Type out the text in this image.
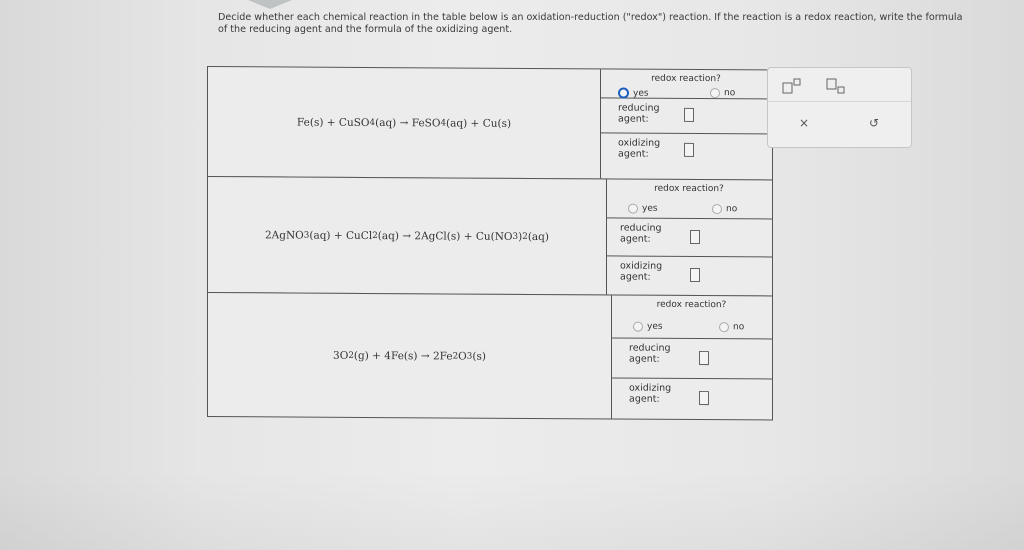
Decide whether each chemical reaction in the table below is an oxidation-reduction ("redox") reaction. If the reaction is a redox reaction, write the formula
of the reducing agent and the formula of the oxidizing agent.
Fe (s) + CuSO 4 (aq) → FeSO 4 (aq) + Cu(s)
redox reaction?
yes	no
reducing
agent:
oxidizing
agent:
2AgNO 3 (aq) + CuCl 2 (aq) → 2AgCl(s) + Cu(NO 3 ) 2 (aq)
redox reaction?
yes	no
reducing
agent:
oxidizing
agent:
3O 2 (g) + 4Fe(s) → 2Fe 2 O 3 (s)
redox reaction?
yes	no
reducing
agent:
oxidizing
agent:
×	↺
